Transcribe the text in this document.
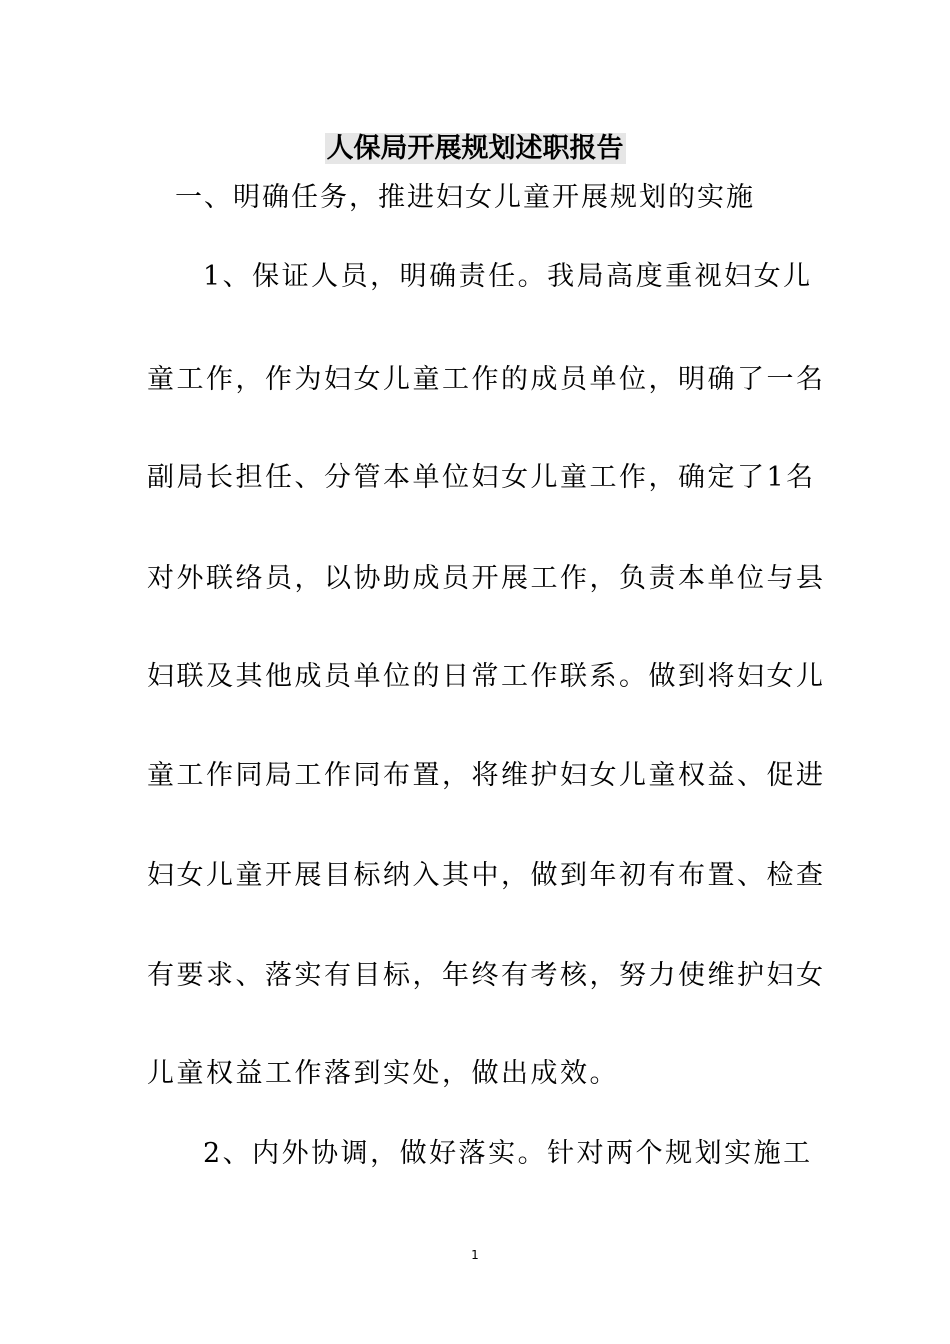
人保局开展规划述职报告
一、明确任务，推进妇女儿童开展规划的实施
1、保证人员，明确责任。我局高度重视妇女儿
童工作，作为妇女儿童工作的成员单位，明确了一名
副局长担任、分管本单位妇女儿童工作，确定了1名
对外联络员，以协助成员开展工作，负责本单位与县
妇联及其他成员单位的日常工作联系。做到将妇女儿
童工作同局工作同布置，将维护妇女儿童权益、促进
妇女儿童开展目标纳入其中，做到年初有布置、检查
有要求、落实有目标，年终有考核，努力使维护妇女
儿童权益工作落到实处，做出成效。
2、内外协调，做好落实。针对两个规划实施工
1
